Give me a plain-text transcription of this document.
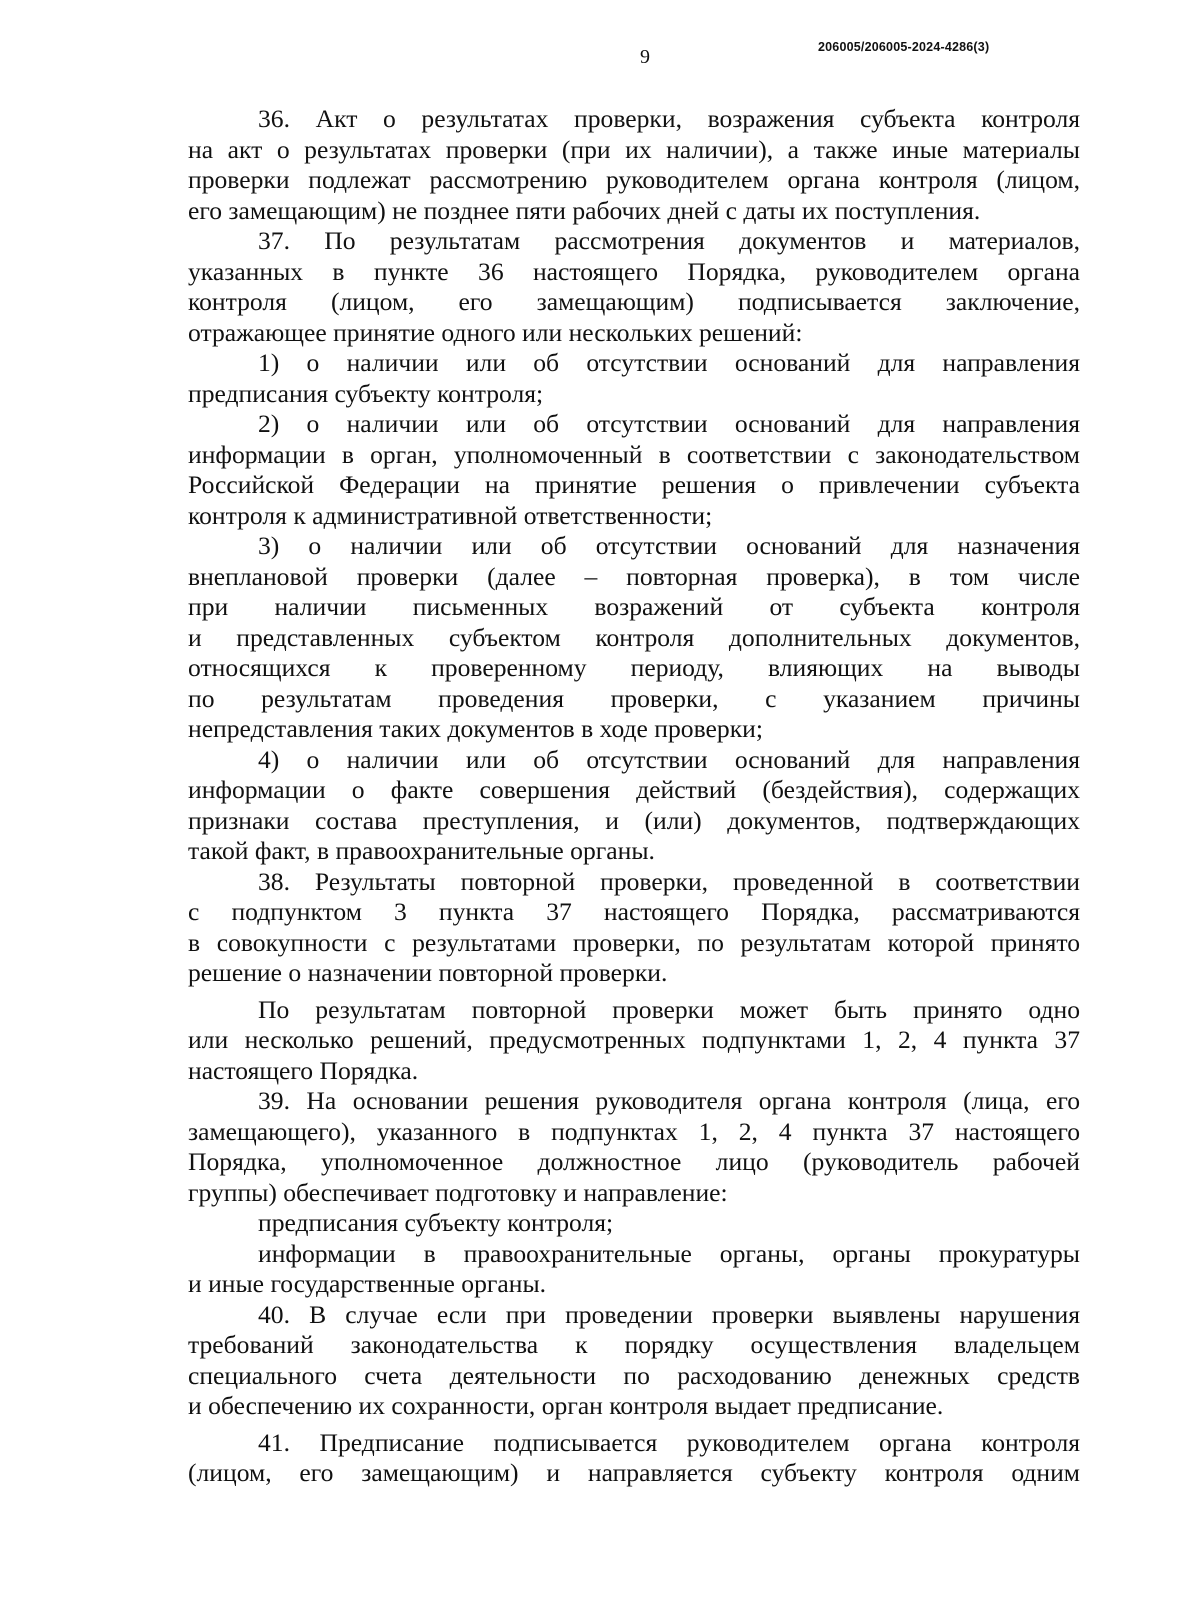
9	206005/206005-2024-4286(3)

36. Акт о результатах проверки, возражения субъекта контроля

на акт о результатах проверки (при их наличии), а также иные материалы

проверки подлежат рассмотрению руководителем органа контроля (лицом,

его замещающим) не позднее пяти рабочих дней с даты их поступления.

37. По результатам рассмотрения документов и материалов,

указанных в пункте 36 настоящего Порядка, руководителем органа

контроля (лицом, его замещающим) подписывается заключение,

отражающее принятие одного или нескольких решений:

1) о наличии или об отсутствии оснований для направления

предписания субъекту контроля;

2) о наличии или об отсутствии оснований для направления

информации в орган, уполномоченный в соответствии с законодательством

Российской Федерации на принятие решения о привлечении субъекта

контроля к административной ответственности;

3) о наличии или об отсутствии оснований для назначения

внеплановой проверки (далее – повторная проверка), в том числе

при наличии письменных возражений от субъекта контроля

и представленных субъектом контроля дополнительных документов,

относящихся к проверенному периоду, влияющих на выводы

по результатам проведения проверки, с указанием причины

непредставления таких документов в ходе проверки;

4) о наличии или об отсутствии оснований для направления

информации о факте совершения действий (бездействия), содержащих

признаки состава преступления, и (или) документов, подтверждающих

такой факт, в правоохранительные органы.

38. Результаты повторной проверки, проведенной в соответствии

с подпунктом 3 пункта 37 настоящего Порядка, рассматриваются

в совокупности с результатами проверки, по результатам которой принято

решение о назначении повторной проверки.

По результатам повторной проверки может быть принято одно

или несколько решений, предусмотренных подпунктами 1, 2, 4 пункта 37

настоящего Порядка.

39. На основании решения руководителя органа контроля (лица, его

замещающего), указанного в подпунктах 1, 2, 4 пункта 37 настоящего

Порядка, уполномоченное должностное лицо (руководитель рабочей

группы) обеспечивает подготовку и направление:

предписания субъекту контроля;

информации в правоохранительные органы, органы прокуратуры

и иные государственные органы.

40. В случае если при проведении проверки выявлены нарушения

требований законодательства к порядку осуществления владельцем

специального счета деятельности по расходованию денежных средств

и обеспечению их сохранности, орган контроля выдает предписание.

41. Предписание подписывается руководителем органа контроля

(лицом, его замещающим) и направляется субъекту контроля одним
